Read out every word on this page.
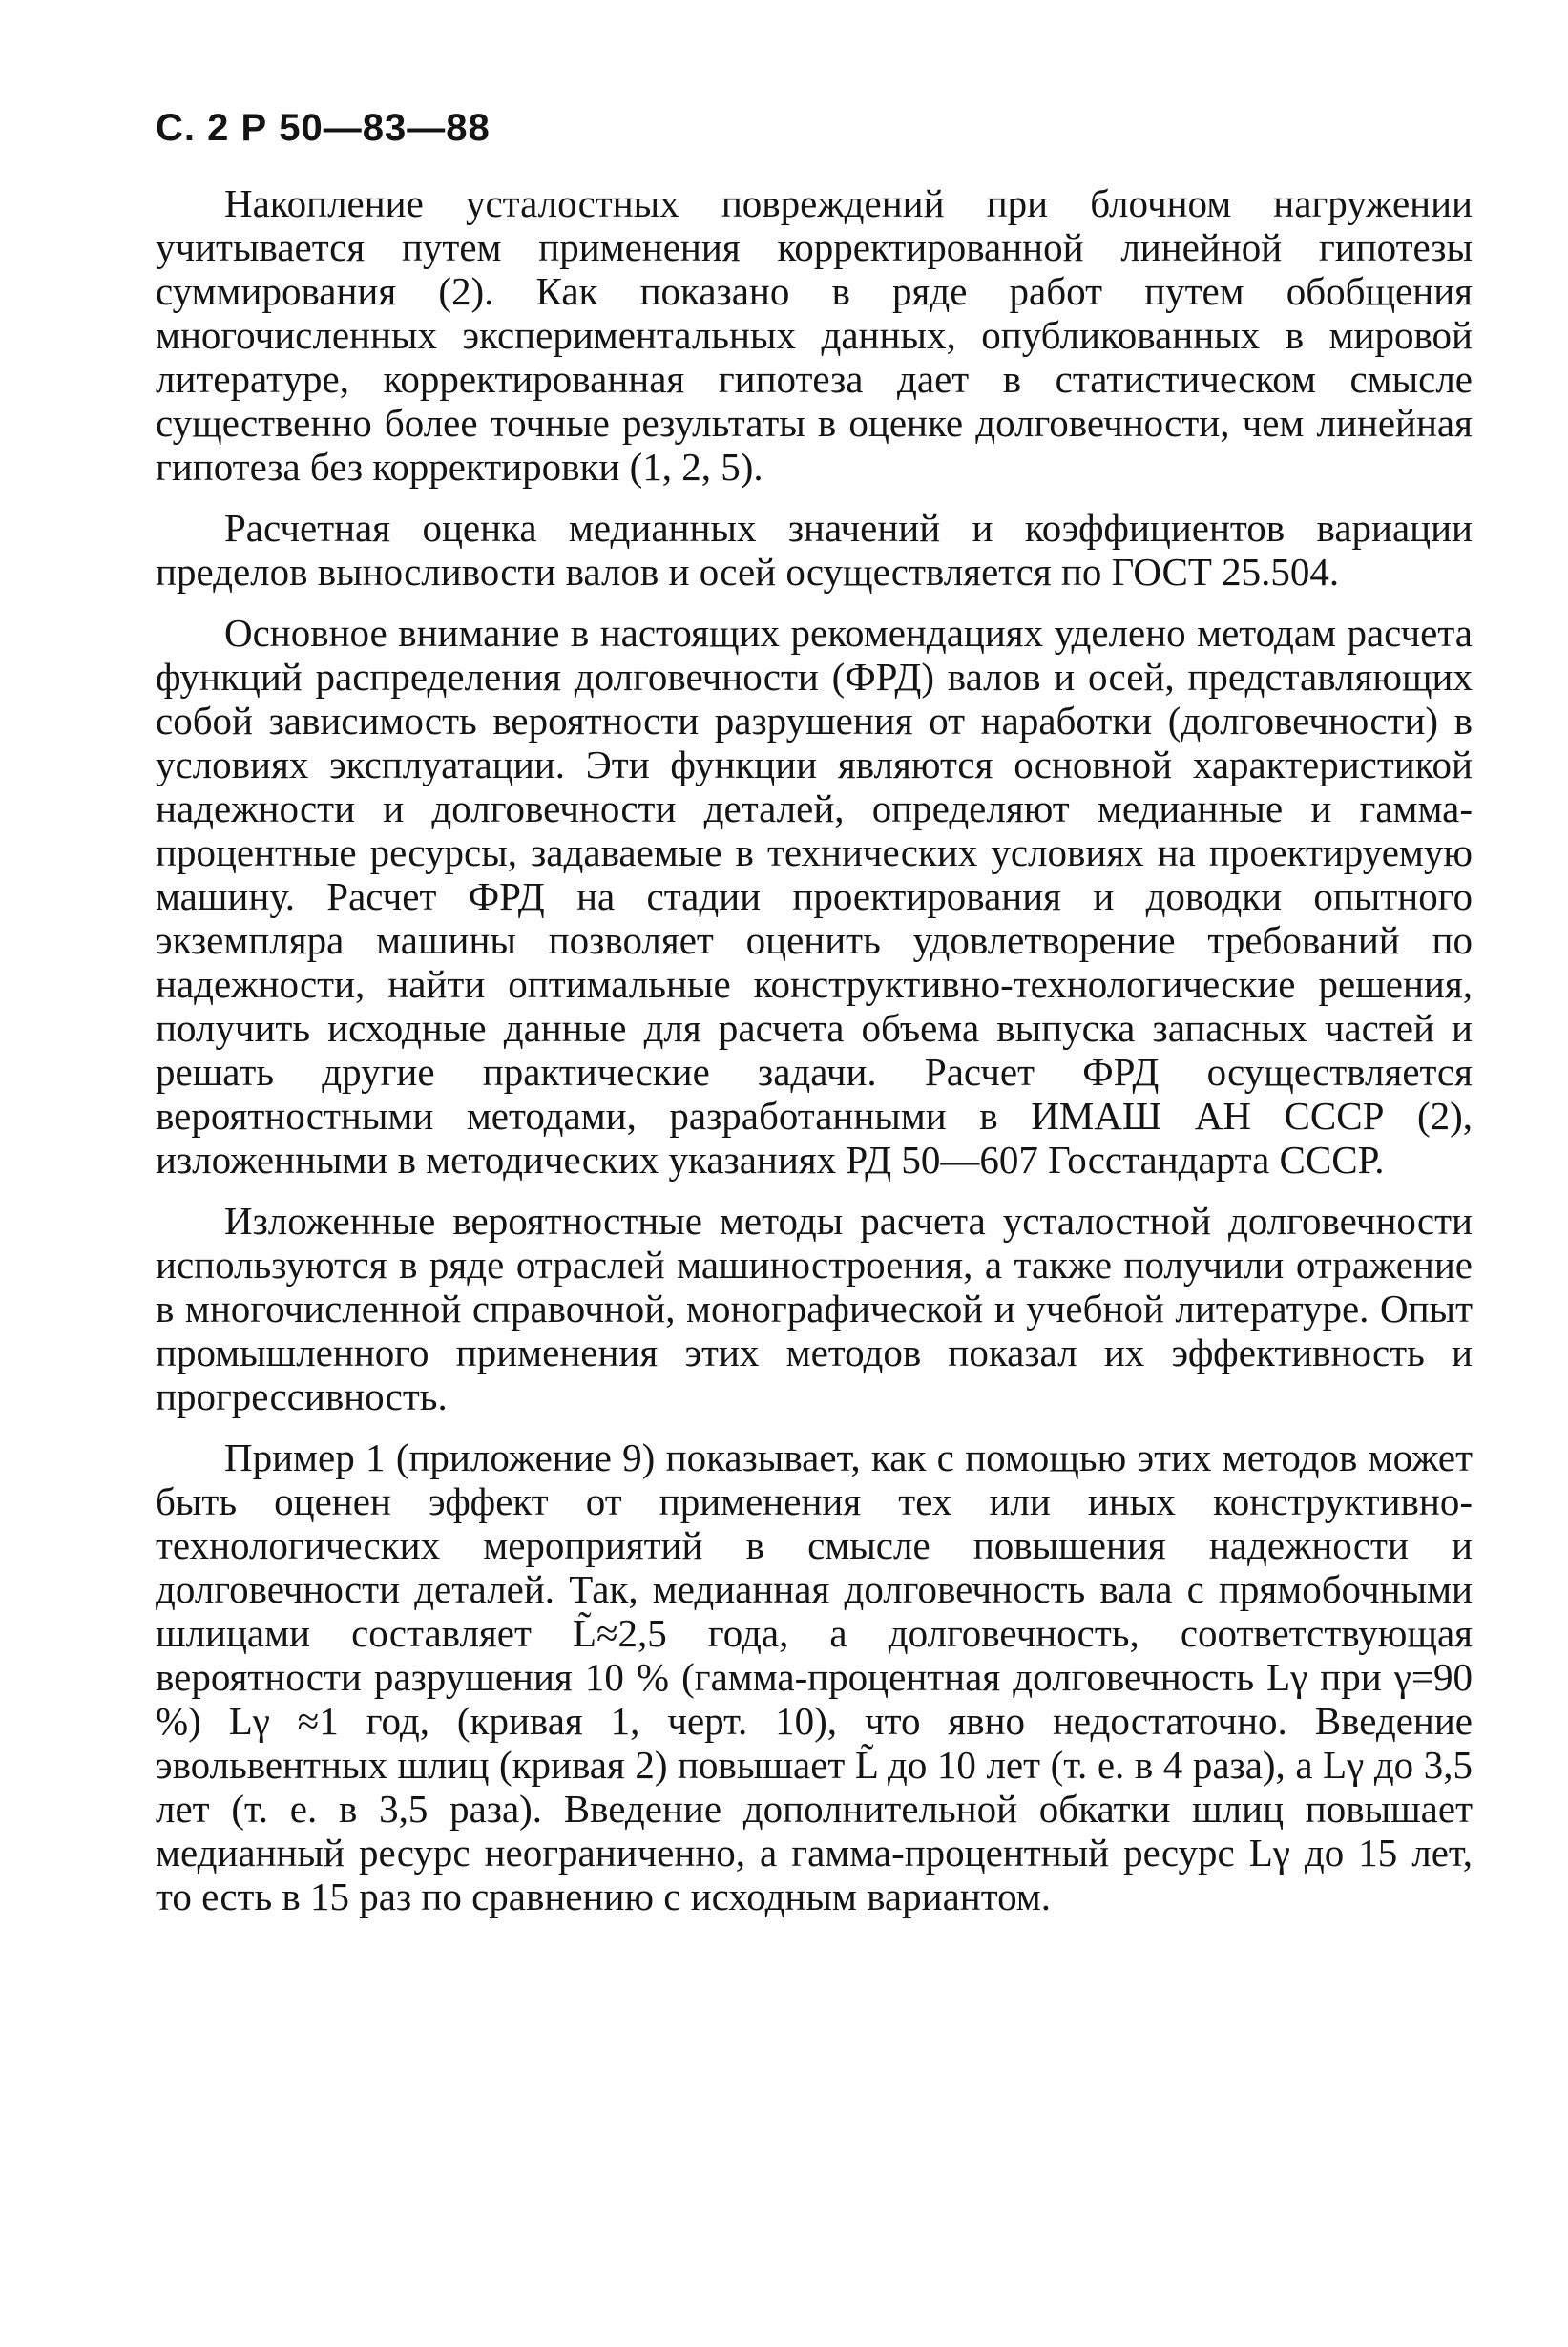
С. 2 Р 50—83—88

Накопление усталостных повреждений при блочном нагружении учитывается путем применения корректированной линейной гипотезы суммирования (2). Как показано в ряде работ путем обобщения многочисленных экспериментальных данных, опубликованных в мировой литературе, корректированная гипотеза дает в статистическом смысле существенно более точные результаты в оценке долговечности, чем линейная гипотеза без корректировки (1, 2, 5).

Расчетная оценка медианных значений и коэффициентов вариации пределов выносливости валов и осей осуществляется по ГОСТ 25.504.

Основное внимание в настоящих рекомендациях уделено методам расчета функций распределения долговечности (ФРД) валов и осей, представляющих собой зависимость вероятности разрушения от наработки (долговечности) в условиях эксплуатации. Эти функции являются основной характеристикой надежности и долговечности деталей, определяют медианные и гамма-процентные ресурсы, задаваемые в технических условиях на проектируемую машину. Расчет ФРД на стадии проектирования и доводки опытного экземпляра машины позволяет оценить удовлетворение требований по надежности, найти оптимальные конструктивно-технологические решения, получить исходные данные для расчета объема выпуска запасных частей и решать другие практические задачи. Расчет ФРД осуществляется вероятностными методами, разработанными в ИМАШ АН СССР (2), изложенными в методических указаниях РД 50—607 Госстандарта СССР.

Изложенные вероятностные методы расчета усталостной долговечности используются в ряде отраслей машиностроения, а также получили отражение в многочисленной справочной, монографической и учебной литературе. Опыт промышленного применения этих методов показал их эффективность и прогрессивность.

Пример 1 (приложение 9) показывает, как с помощью этих методов может быть оценен эффект от применения тех или иных конструктивно-технологических мероприятий в смысле повышения надежности и долговечности деталей. Так, медианная долговечность вала с прямобочными шлицами составляет L̃≈2,5 года, а долговечность, соответствующая вероятности разрушения 10 % (гамма-процентная долговечность Lγ при γ=90 %) Lγ ≈1 год, (кривая 1, черт. 10), что явно недостаточно. Введение эвольвентных шлиц (кривая 2) повышает L̃ до 10 лет (т. е. в 4 раза), а Lγ до 3,5 лет (т. е. в 3,5 раза). Введение дополнительной обкатки шлиц повышает медианный ресурс неограниченно, а гамма-процентный ресурс Lγ до 15 лет, то есть в 15 раз по сравнению с исходным вариантом.
